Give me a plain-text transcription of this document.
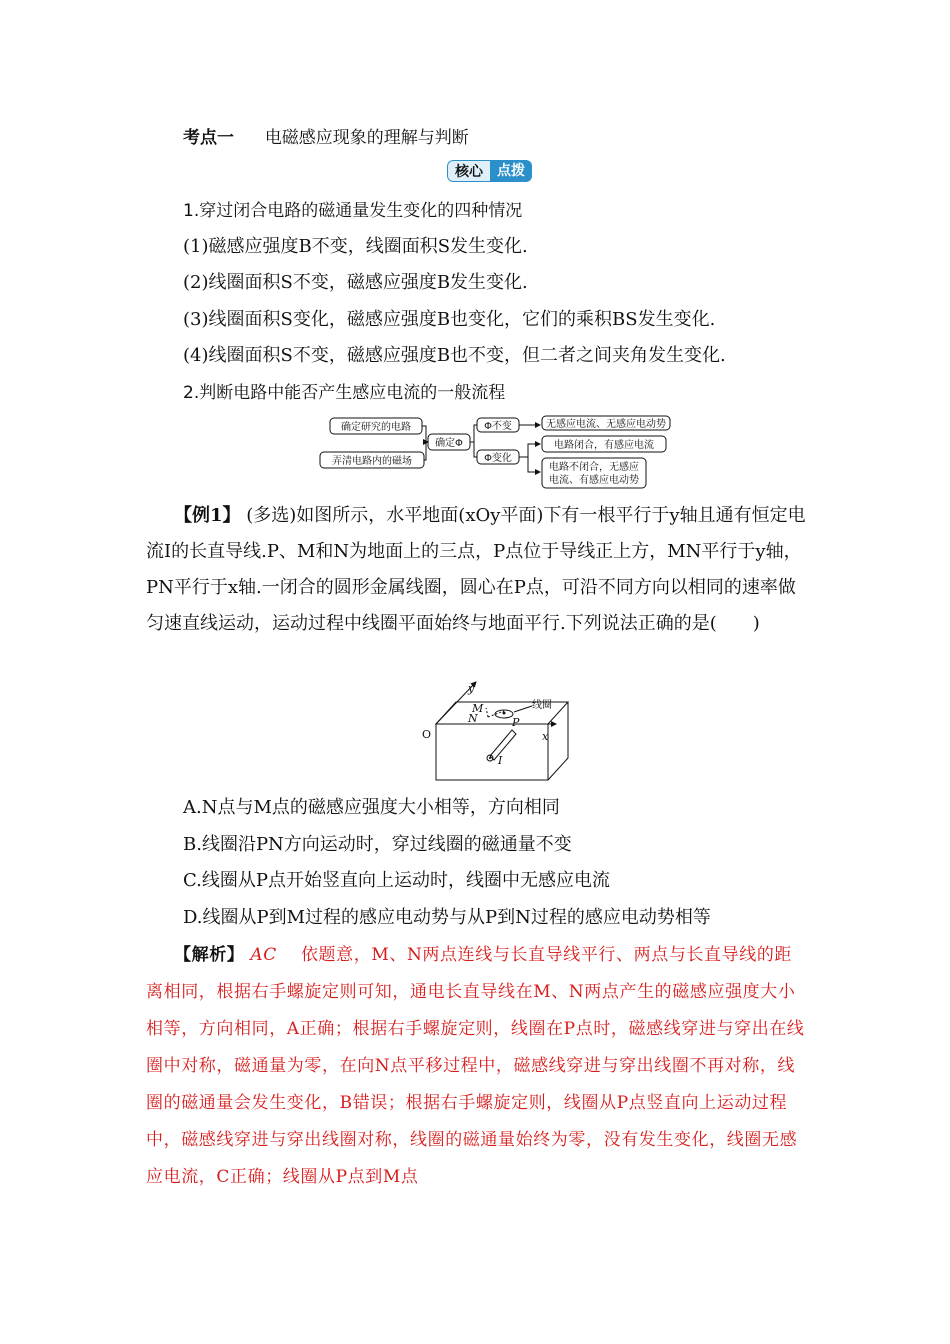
考点一 电磁感应现象的理解与判断
核心	点拨
1.穿过闭合电路的磁通量发生变化的四种情况
(1)磁感应强度B不变，线圈面积S发生变化.
(2)线圈面积S不变，磁感应强度B发生变化.
(3)线圈面积S变化，磁感应强度B也变化，它们的乘积BS发生变化.
(4)线圈面积S不变，磁感应强度B也不变，但二者之间夹角发生变化.
2.判断电路中能否产生感应电流的一般流程
确定研究的电路
弄清电路内的磁场
确定Φ
Φ不变
Φ变化
无感应电流、无感应电动势
电路闭合，有感应电流
电路不闭合，无感应
电流、有感应电动势
【例1】 (多选)如图所示，水平地面(xOy平面)下有一根平行于y轴且通有恒定电流I的长直导线.P、M和N为地面上的三点，P点位于导线正上方，MN平行于y轴，PN平行于x轴.一闭合的圆形金属线圈，圆心在P点，可沿不同方向以相同的速率做匀速直线运动，运动过程中线圈平面始终与地面平行.下列说法正确的是(　　)
y
x
O
M
N	P
I
线圈
A.N点与M点的磁感应强度大小相等，方向相同
B.线圈沿PN方向运动时，穿过线圈的磁通量不变
C.线圈从P点开始竖直向上运动时，线圈中无感应电流
D.线圈从P到M过程的感应电动势与从P到N过程的感应电动势相等
【解析】 AC 依题意，M、N两点连线与长直导线平行、两点与长直导线的距离相同，根据右手螺旋定则可知，通电长直导线在M、N两点产生的磁感应强度大小相等，方向相同，A正确；根据右手螺旋定则，线圈在P点时，磁感线穿进与穿出在线圈中对称，磁通量为零，在向N点平移过程中，磁感线穿进与穿出线圈不再对称，线圈的磁通量会发生变化，B错误；根据右手螺旋定则，线圈从P点竖直向上运动过程中，磁感线穿进与穿出线圈对称，线圈的磁通量始终为零，没有发生变化，线圈无感应电流，C正确；线圈从P点到M点
